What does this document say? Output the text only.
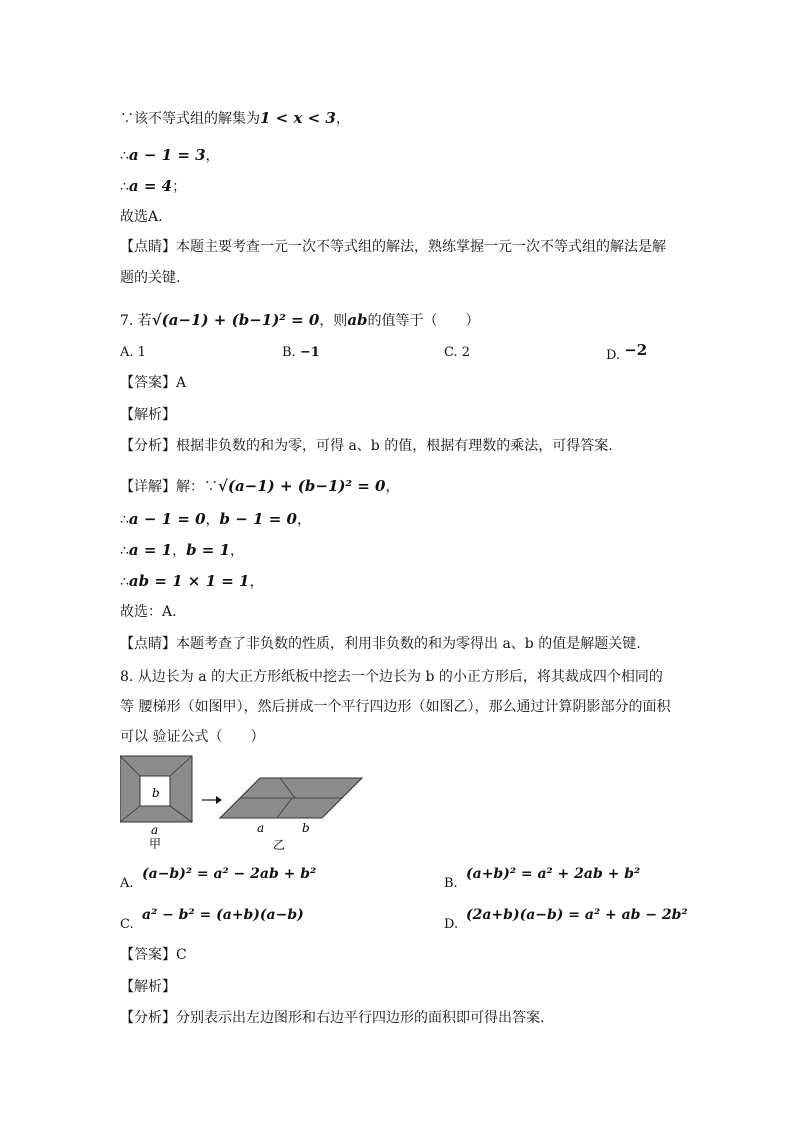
∵该不等式组的解集为1 < x < 3，
∴a − 1 = 3，
∴a = 4；
故选A.
【点睛】本题主要考查一元一次不等式组的解法，熟练掌握一元一次不等式组的解法是解
题的关键.
7. 若√(a−1) + (b−1)² = 0，则ab的值等于（　　）
A. 1	B. −1	C. 2	D. −2
【答案】A
【解析】
【分析】根据非负数的和为零，可得 a、b 的值，根据有理数的乘法，可得答案.
【详解】解：∵√(a−1) + (b−1)² = 0，
∴a − 1 = 0，b − 1 = 0，
∴a = 1，b = 1，
∴ab = 1 × 1 = 1，
故选：A.
【点睛】本题考查了非负数的性质，利用非负数的和为零得出 a、b 的值是解题关键.
8. 从边长为 a 的大正方形纸板中挖去一个边长为 b 的小正方形后，将其裁成四个相同的
等 腰梯形（如图甲），然后拼成一个平行四边形（如图乙），那么通过计算阴影部分的面积
可以 验证公式（　　）
b
a
甲
a	b
乙
A.
(a−b)² = a² − 2ab + b²
B.
(a+b)² = a² + 2ab + b²
C.
a² − b² = (a+b)(a−b)
D.
(2a+b)(a−b) = a² + ab − 2b²
【答案】C
【解析】
【分析】分别表示出左边图形和右边平行四边形的面积即可得出答案.
